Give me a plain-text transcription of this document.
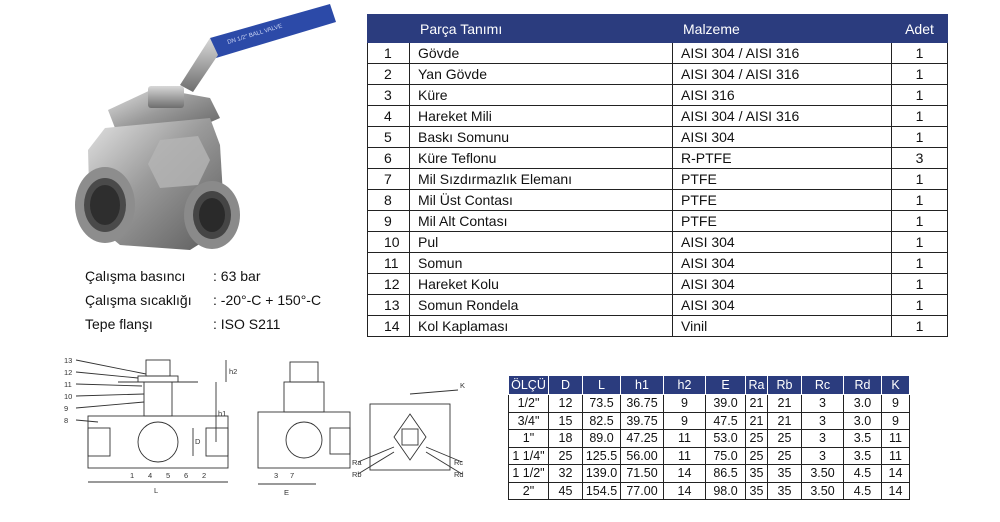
DN 1/2" BALL VALVE
Çalışma basıncı : 63 bar
Çalışma sıcaklığı : -20°-C + 150°-C
Tepe flanşı	: ISO S211
	Parça Tanımı	Malzeme	Adet
1	Gövde	AISI 304 / AISI 316	1
2	Yan Gövde	AISI 304 / AISI 316	1
3	Küre	AISI 316	1
4	Hareket Mili	AISI 304 / AISI 316	1
5	Baskı Somunu	AISI 304	1
6	Küre Teflonu	R-PTFE	3
7	Mil Sızdırmazlık Elemanı	PTFE	1
8	Mil Üst Contası	PTFE	1
9	Mil Alt Contası	PTFE	1
10	Pul	AISI 304	1
11	Somun	AISI 304	1
12	Hareket Kolu	AISI 304	1
13	Somun Rondela	AISI 304	1
14	Kol Kaplaması	Vinil	1
13
12
11
10
9
8
1 4 5 6 2	3 7
h2
h1
D
L	E
K
Ra
Rb
Rc
Rd
ÖLÇÜ	D	L	h1	h2	E	Ra	Rb	Rc	Rd	K
1/2"	12	73.5	36.75	9	39.0	21	21	3	3.0	9
3/4"	15	82.5	39.75	9	47.5	21	21	3	3.0	9
1"	18	89.0	47.25	11	53.0	25	25	3	3.5	11
1 1/4"	25	125.5	56.00	11	75.0	25	25	3	3.5	11
1 1/2"	32	139.0	71.50	14	86.5	35	35	3.50	4.5	14
2"	45	154.5	77.00	14	98.0	35	35	3.50	4.5	14
